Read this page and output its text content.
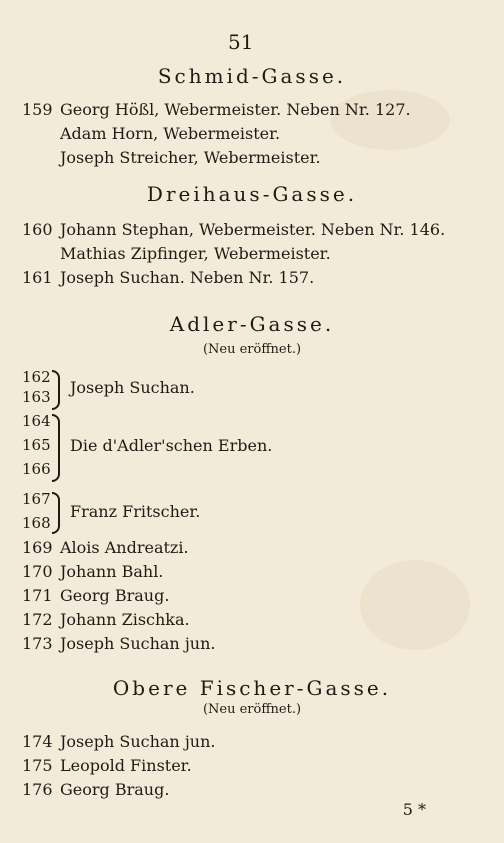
51
Schmid-Gasse.
159 Georg Hößl, Webermeister. Neben Nr. 127.
Adam Horn, Webermeister.
Joseph Streicher, Webermeister.
Dreihaus-Gasse.
160 Johann Stephan, Webermeister. Neben Nr. 146.
Mathias Zipfinger, Webermeister.
161 Joseph Suchan. Neben Nr. 157.
Adler-Gasse.
(Neu eröffnet.)
162
163 Joseph Suchan.
164
165
166
Die d'Adler'schen Erben.
167
168
Franz Fritscher.
169 Alois Andreatzi.
170 Johann Bahl.
171 Georg Braug.
172 Johann Zischka.
173 Joseph Suchan jun.
Obere Fischer-Gasse.
(Neu eröffnet.)
174 Joseph Suchan jun.
175 Leopold Finster.
176 Georg Braug.
5 *
